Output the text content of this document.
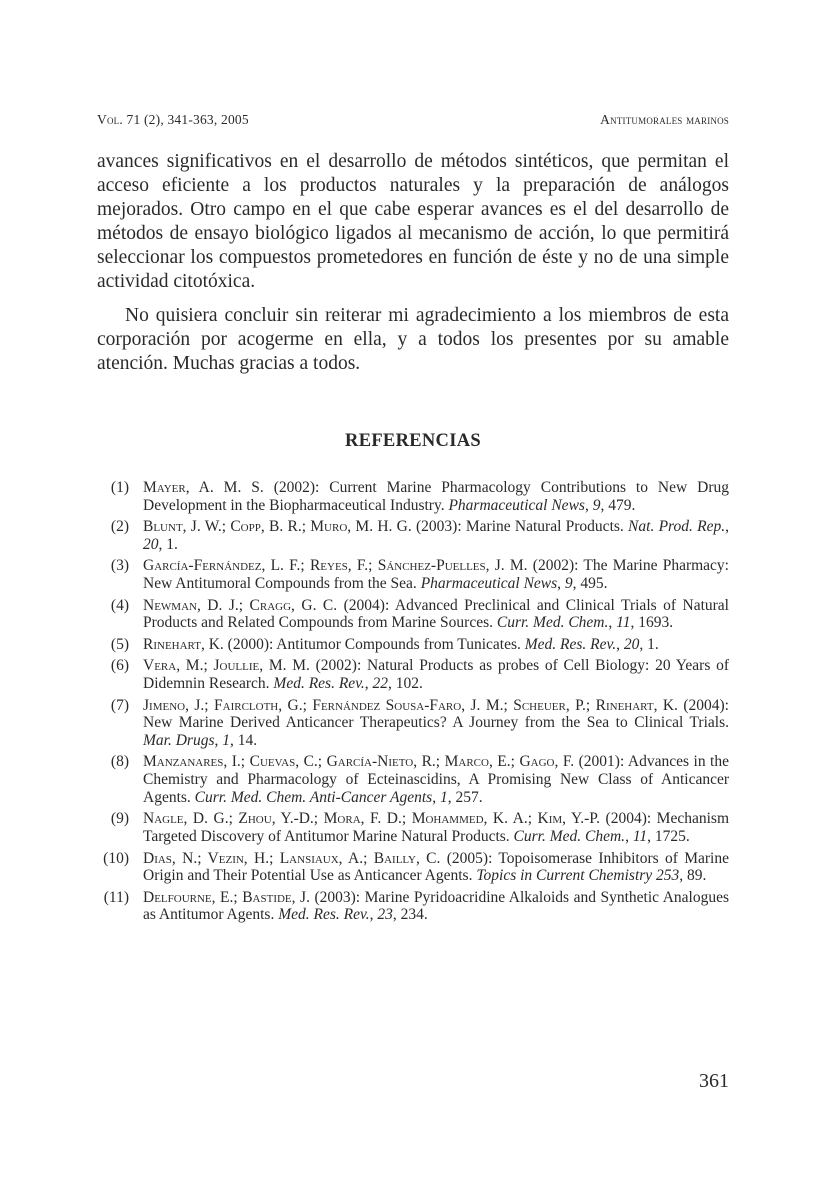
Vol. 71 (2), 341-363, 2005	Antitumorales marinos

avances significativos en el desarrollo de métodos sintéticos, que permitan el acceso eficiente a los productos naturales y la preparación de análogos mejorados. Otro campo en el que cabe esperar avances es el del desarrollo de métodos de ensayo biológico ligados al mecanismo de acción, lo que permitirá seleccionar los compuestos prometedores en función de éste y no de una simple actividad citotóxica.

No quisiera concluir sin reiterar mi agradecimiento a los miembros de esta corporación por acogerme en ella, y a todos los presentes por su amable atención. Muchas gracias a todos.

REFERENCIAS
(1) Mayer, A. M. S. (2002): Current Marine Pharmacology Contributions to New Drug Development in the Biopharmaceutical Industry. Pharmaceutical News, 9, 479.
(2) Blunt, J. W.; Copp, B. R.; Muro, M. H. G. (2003): Marine Natural Products. Nat. Prod. Rep., 20, 1.
(3) García-Fernández, L. F.; Reyes, F.; Sánchez-Puelles, J. M. (2002): The Marine Pharmacy: New Antitumoral Compounds from the Sea. Pharmaceutical News, 9, 495.
(4) Newman, D. J.; Cragg, G. C. (2004): Advanced Preclinical and Clinical Trials of Natural Products and Related Compounds from Marine Sources. Curr. Med. Chem., 11, 1693.
(5) Rinehart, K. (2000): Antitumor Compounds from Tunicates. Med. Res. Rev., 20, 1.
(6) Vera, M.; Joullie, M. M. (2002): Natural Products as probes of Cell Biology: 20 Years of Didemnin Research. Med. Res. Rev., 22, 102.
(7) Jimeno, J.; Faircloth, G.; Fernández Sousa-Faro, J. M.; Scheuer, P.; Rinehart, K. (2004): New Marine Derived Anticancer Therapeutics? A Journey from the Sea to Clinical Trials. Mar. Drugs, 1, 14.
(8) Manzanares, I.; Cuevas, C.; García-Nieto, R.; Marco, E.; Gago, F. (2001): Advances in the Chemistry and Pharmacology of Ecteinascidins, A Promising New Class of Anticancer Agents. Curr. Med. Chem. Anti-Cancer Agents, 1, 257.
(9) Nagle, D. G.; Zhou, Y.-D.; Mora, F. D.; Mohammed, K. A.; Kim, Y.-P. (2004): Mechanism Targeted Discovery of Antitumor Marine Natural Products. Curr. Med. Chem., 11, 1725.
(10) Dias, N.; Vezin, H.; Lansiaux, A.; Bailly, C. (2005): Topoisomerase Inhibitors of Marine Origin and Their Potential Use as Anticancer Agents. Topics in Current Chemistry 253, 89.
(11) Delfourne, E.; Bastide, J. (2003): Marine Pyridoacridine Alkaloids and Synthetic Analogues as Antitumor Agents. Med. Res. Rev., 23, 234.
361
